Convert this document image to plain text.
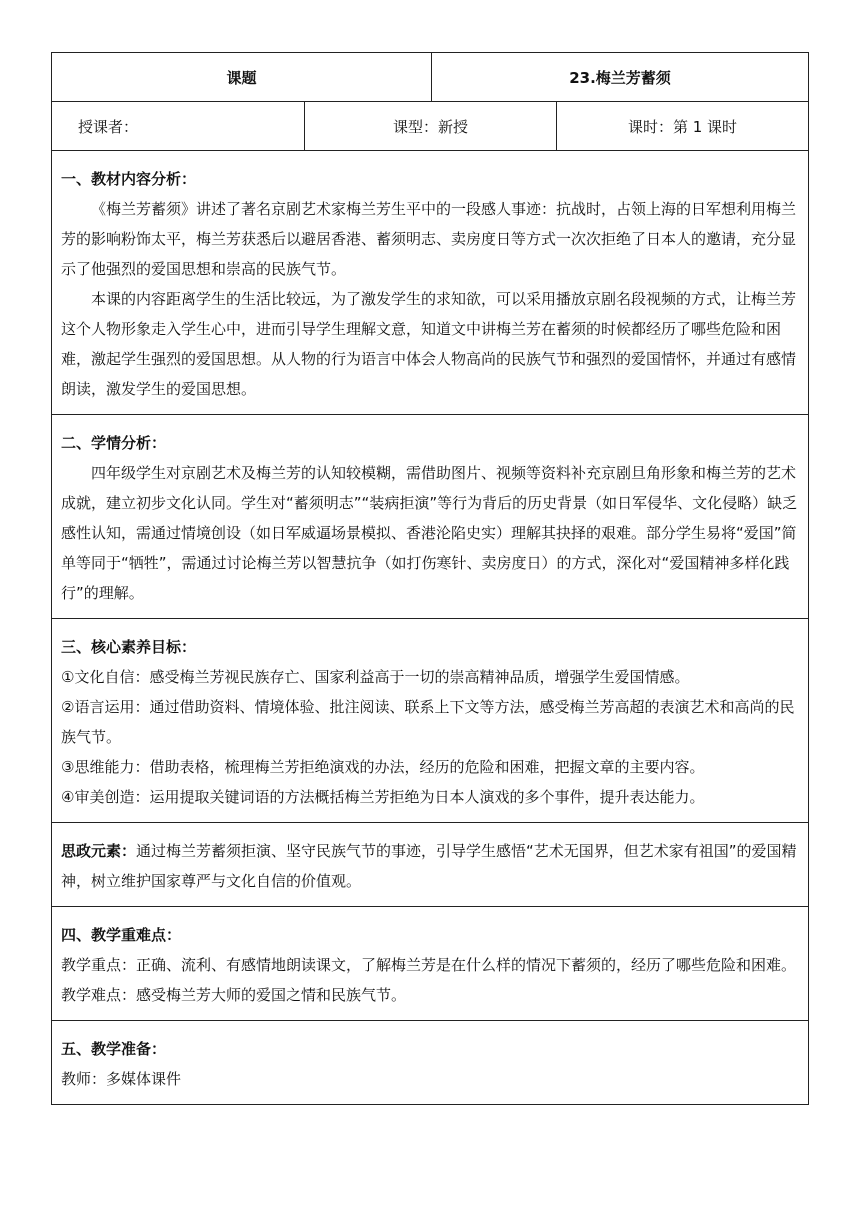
课题	23.梅兰芳蓄须
授课者：	课型：新授	课时：第 1 课时

一、教材内容分析：

《梅兰芳蓄须》讲述了著名京剧艺术家梅兰芳生平中的一段感人事迹：抗战时，占领上海的日军想利用梅兰芳的影响粉饰太平，梅兰芳获悉后以避居香港、蓄须明志、卖房度日等方式一次次拒绝了日本人的邀请，充分显示了他强烈的爱国思想和崇高的民族气节。

本课的内容距离学生的生活比较远，为了激发学生的求知欲，可以采用播放京剧名段视频的方式，让梅兰芳这个人物形象走入学生心中，进而引导学生理解文意，知道文中讲梅兰芳在蓄须的时候都经历了哪些危险和困难，激起学生强烈的爱国思想。从人物的行为语言中体会人物高尚的民族气节和强烈的爱国情怀，并通过有感情朗读，激发学生的爱国思想。

二、学情分析：

四年级学生对京剧艺术及梅兰芳的认知较模糊，需借助图片、视频等资料补充京剧旦角形象和梅兰芳的艺术成就，建立初步文化认同。学生对“蓄须明志”“装病拒演”等行为背后的历史背景（如日军侵华、文化侵略）缺乏感性认知，需通过情境创设（如日军威逼场景模拟、香港沦陷史实）理解其抉择的艰难。部分学生易将“爱国”简单等同于“牺牲”，需通过讨论梅兰芳以智慧抗争（如打伤寒针、卖房度日）的方式，深化对“爱国精神多样化践行”的理解。

三、核心素养目标：

①文化自信：感受梅兰芳视民族存亡、国家利益高于一切的崇高精神品质，增强学生爱国情感。

②语言运用：通过借助资料、情境体验、批注阅读、联系上下文等方法，感受梅兰芳高超的表演艺术和高尚的民族气节。

③思维能力：借助表格，梳理梅兰芳拒绝演戏的办法，经历的危险和困难，把握文章的主要内容。

④审美创造：运用提取关键词语的方法概括梅兰芳拒绝为日本人演戏的多个事件，提升表达能力。

思政元素：通过梅兰芳蓄须拒演、坚守民族气节的事迹，引导学生感悟“艺术无国界，但艺术家有祖国”的爱国精神，树立维护国家尊严与文化自信的价值观。

四、教学重难点：

教学重点：正确、流利、有感情地朗读课文，了解梅兰芳是在什么样的情况下蓄须的，经历了哪些危险和困难。

教学难点：感受梅兰芳大师的爱国之情和民族气节。

五、教学准备：

教师：多媒体课件
